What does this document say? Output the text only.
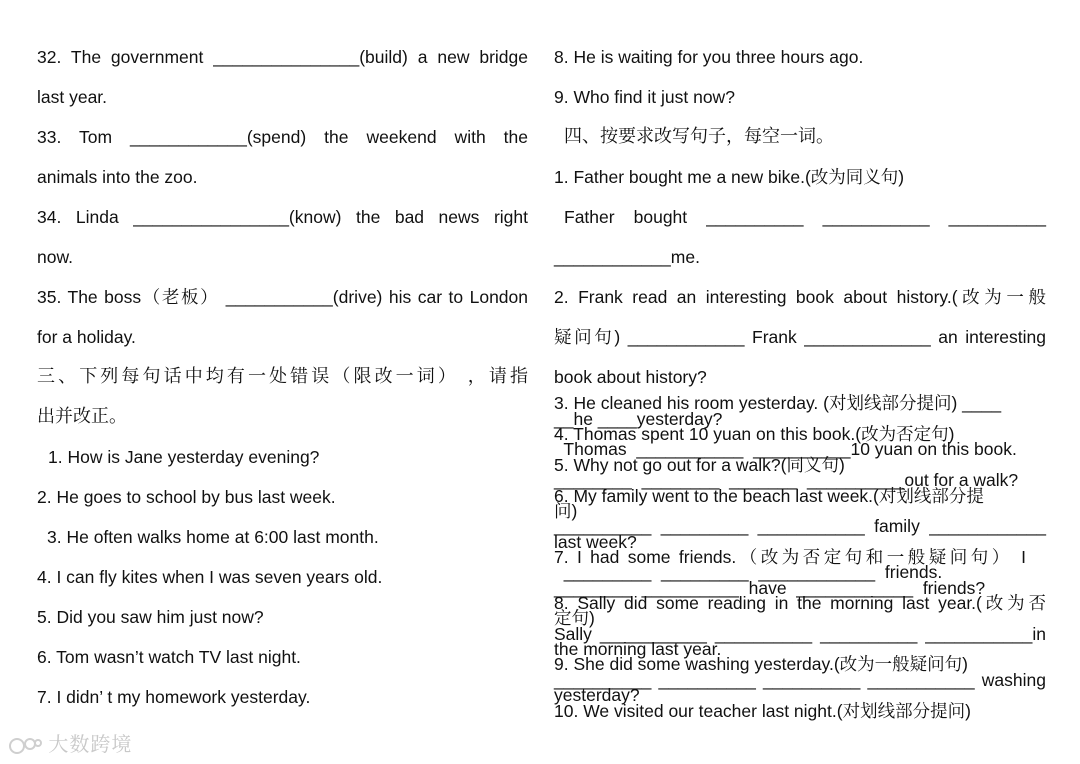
32. The government _______________(build) a new bridge
last year.
33. Tom ____________(spend) the weekend with the
animals into the zoo.
34. Linda ________________(know) the bad news right
now.
35. The boss（老板） ___________(drive) his car to London
for a holiday.
三、下列每句话中均有一处错误（限改一词） ，请指
出并改正。
1. How is Jane yesterday evening?
2. He goes to school by bus last week.
3. He often walks home at 6:00 last month.
4. I can fly kites when I was seven years old.
5. Did you saw him just now?
6. Tom wasn’t watch TV last night.
7. I didn’ t my homework yesterday.
8. He is waiting for you three hours ago.
9. Who find it just now?
四、按要求改写句子，每空一词。
1. Father bought me a new bike.(改为同义句)
Father bought __________ ___________ __________
____________me.
2. Frank read an interesting book about history.(改为一般
疑问句) ____________ Frank _____________ an interesting
book about history?
3. He cleaned his room yesterday. (对划线部分提问) ____
__he ____yesterday?
4. Thomas spent 10 yuan on this book.(改为否定句)
Thomas  ___________  __________10 yuan on this book.
5. Why not go out for a walk?(同义句)
________  ________  _______  __________out for a walk?
6. My family went to the beach last week.(对划线部分提
问)
__________ _________ ___________ family ____________
last week?
7. I had some friends.（改为否定句和一般疑问句） I
_________  _________  ____________  friends.
________  __________  have  ____________  friends?
8. Sally did some reading in the morning last year.(改为否
定句)
Sally ___________ __________ __________ ___________in
the morning last year.
9. She did some washing yesterday.(改为一般疑问句)
__________ __________ __________ ___________ washing
yesterday?
10. We visited our teacher last night.(对划线部分提问)
大数跨境
